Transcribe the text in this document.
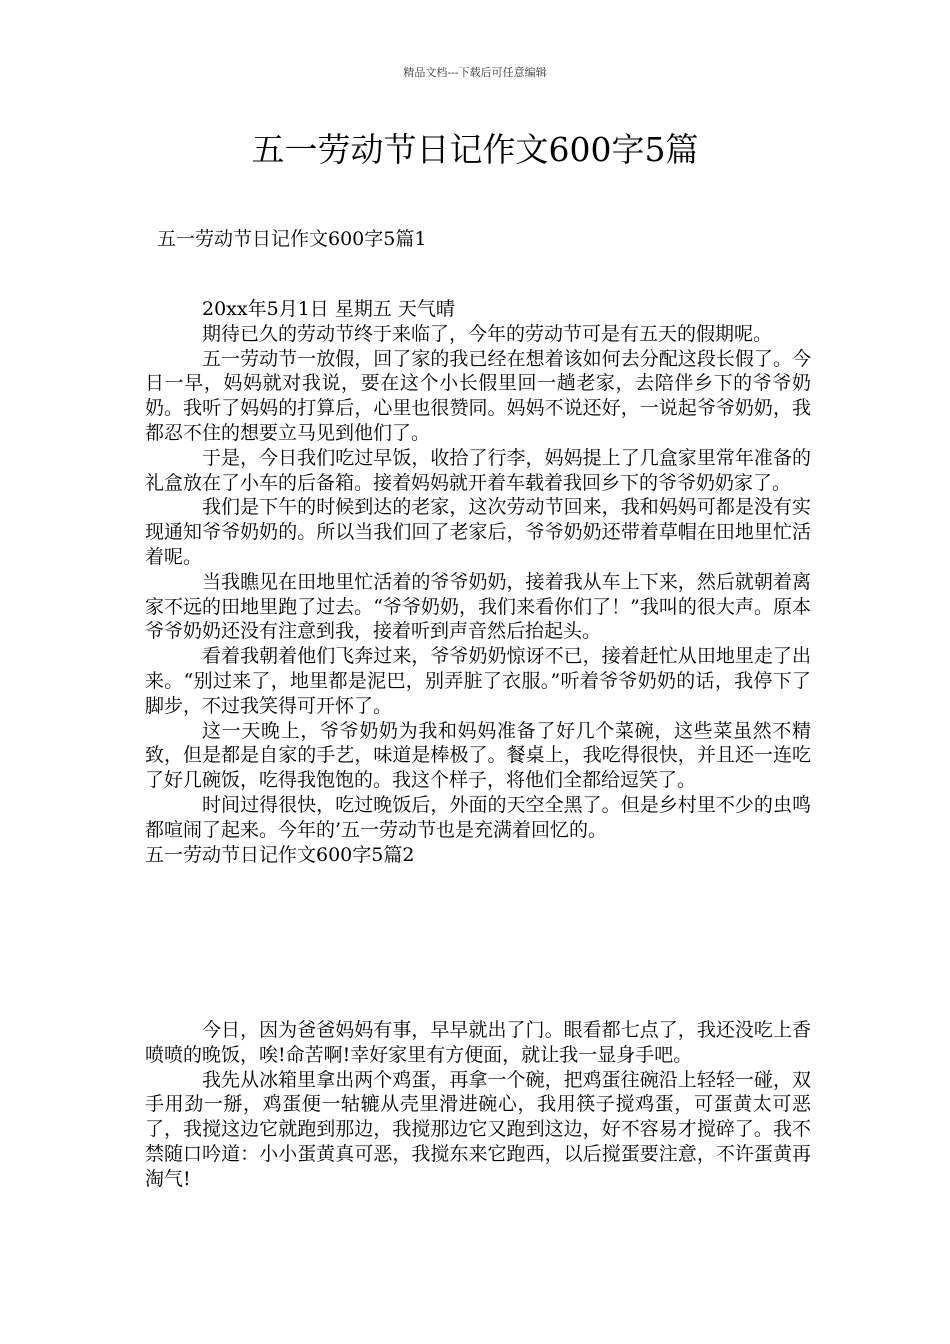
精品文档---下载后可任意编辑
五一劳动节日记作文600字5篇
五一劳动节日记作文600字5篇1

20xx年5月1日 星期五 天气晴

期待已久的劳动节终于来临了，今年的劳动节可是有五天的假期呢。

五一劳动节一放假，回了家的我已经在想着该如何去分配这段长假了。今日一早，妈妈就对我说，要在这个小长假里回一趟老家，去陪伴乡下的爷爷奶奶。我听了妈妈的打算后，心里也很赞同。妈妈不说还好，一说起爷爷奶奶，我都忍不住的想要立马见到他们了。

于是，今日我们吃过早饭，收拾了行李，妈妈提上了几盒家里常年准备的礼盒放在了小车的后备箱。接着妈妈就开着车载着我回乡下的爷爷奶奶家了。

我们是下午的时候到达的老家，这次劳动节回来，我和妈妈可都是没有实现通知爷爷奶奶的。所以当我们回了老家后，爷爷奶奶还带着草帽在田地里忙活着呢。

当我瞧见在田地里忙活着的爷爷奶奶，接着我从车上下来，然后就朝着离家不远的田地里跑了过去。“爷爷奶奶，我们来看你们了！”我叫的很大声。原本爷爷奶奶还没有注意到我，接着听到声音然后抬起头。

看着我朝着他们飞奔过来，爷爷奶奶惊讶不已，接着赶忙从田地里走了出来。“别过来了，地里都是泥巴，别弄脏了衣服。”听着爷爷奶奶的话，我停下了脚步，不过我笑得可开怀了。

这一天晚上，爷爷奶奶为我和妈妈准备了好几个菜碗，这些菜虽然不精致，但是都是自家的手艺，味道是棒极了。餐桌上，我吃得很快，并且还一连吃了好几碗饭，吃得我饱饱的。我这个样子，将他们全都给逗笑了。

时间过得很快，吃过晚饭后，外面的天空全黑了。但是乡村里不少的虫鸣都喧闹了起来。今年的’五一劳动节也是充满着回忆的。

五一劳动节日记作文600字5篇2

今日，因为爸爸妈妈有事，早早就出了门。眼看都七点了，我还没吃上香喷喷的晚饭，唉!命苦啊!幸好家里有方便面，就让我一显身手吧。

我先从冰箱里拿出两个鸡蛋，再拿一个碗，把鸡蛋往碗沿上轻轻一碰，双手用劲一掰，鸡蛋便一轱辘从壳里滑进碗心，我用筷子搅鸡蛋，可蛋黄太可恶了，我搅这边它就跑到那边，我搅那边它又跑到这边，好不容易才搅碎了。我不禁随口吟道：小小蛋黄真可恶，我搅东来它跑西，以后搅蛋要注意，不许蛋黄再淘气!
